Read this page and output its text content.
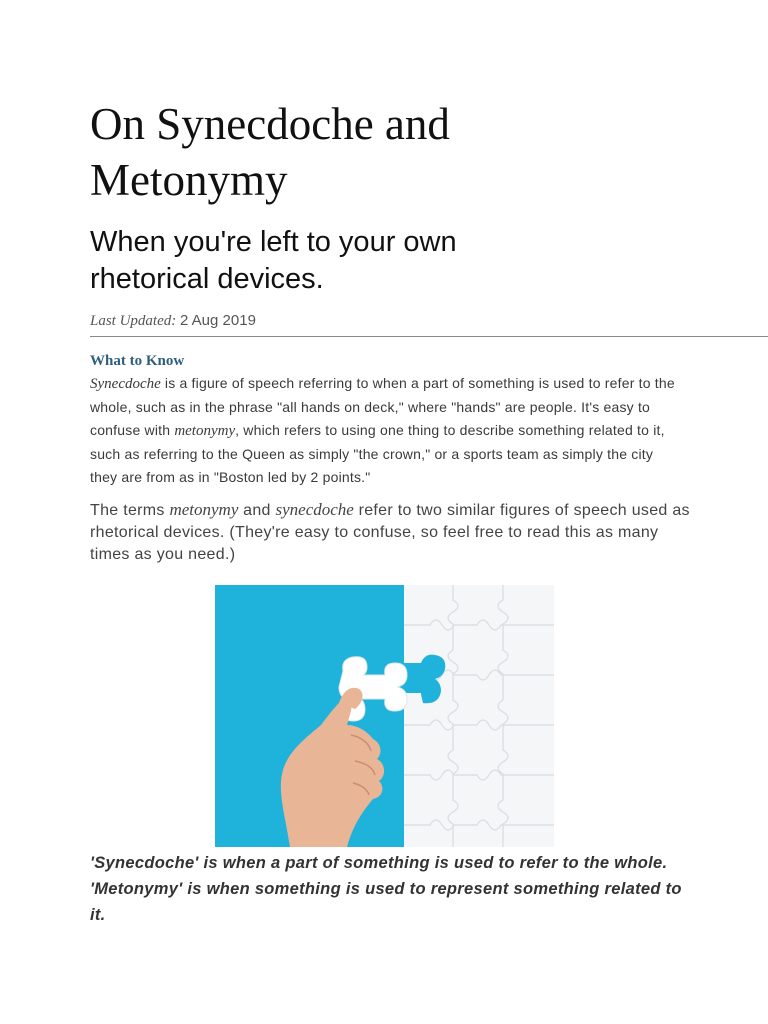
On Synecdoche and Metonymy
When you're left to your own rhetorical devices.
Last Updated: 2 Aug 2019
What to Know

Synecdoche is a figure of speech referring to when a part of something is used to refer to the whole, such as in the phrase "all hands on deck," where "hands" are people. It's easy to confuse with metonymy, which refers to using one thing to describe something related to it, such as referring to the Queen as simply "the crown," or a sports team as simply the city they are from as in "Boston led by 2 points."

The terms metonymy and synecdoche refer to two similar figures of speech used as rhetorical devices. (They're easy to confuse, so feel free to read this as many times as you need.)

'Synecdoche' is when a part of something is used to refer to the whole. 'Metonymy' is when something is used to represent something related to it.
